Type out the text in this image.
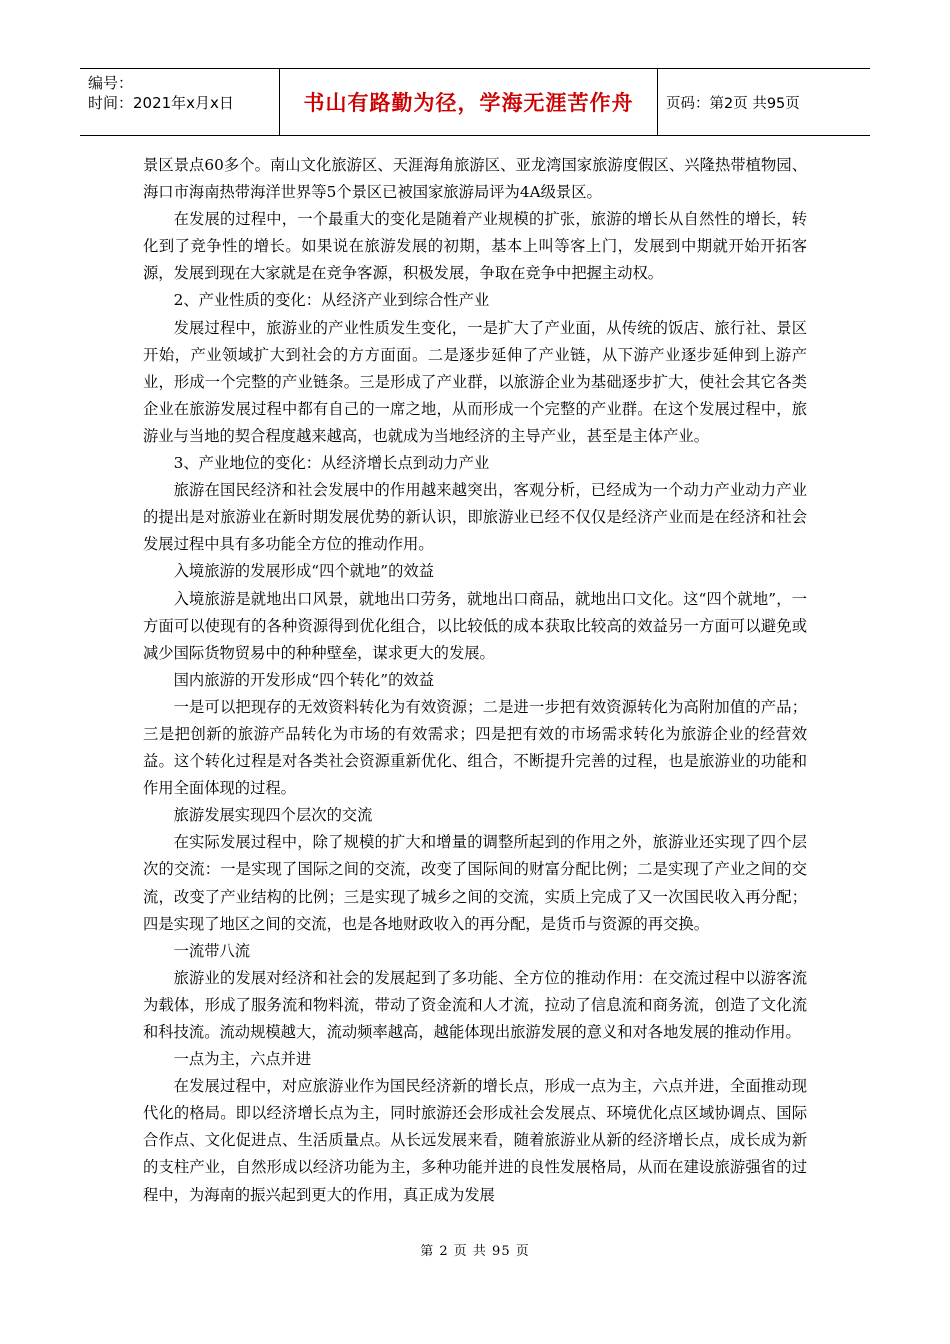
编号：
时间：2021年x月x日	书山有路勤为径，学海无涯苦作舟	页码：第2页 共95页

景区景点60多个。南山文化旅游区、天涯海角旅游区、亚龙湾国家旅游度假区、兴隆热带植物园、海口市海南热带海洋世界等5个景区已被国家旅游局评为4A级景区。

在发展的过程中，一个最重大的变化是随着产业规模的扩张，旅游的增长从自然性的增长，转化到了竞争性的增长。如果说在旅游发展的初期，基本上叫等客上门，发展到中期就开始开拓客源，发展到现在大家就是在竞争客源，积极发展，争取在竞争中把握主动权。

2、产业性质的变化：从经济产业到综合性产业

发展过程中，旅游业的产业性质发生变化，一是扩大了产业面，从传统的饭店、旅行社、景区开始，产业领域扩大到社会的方方面面。二是逐步延伸了产业链，从下游产业逐步延伸到上游产业，形成一个完整的产业链条。三是形成了产业群，以旅游企业为基础逐步扩大，使社会其它各类企业在旅游发展过程中都有自己的一席之地，从而形成一个完整的产业群。在这个发展过程中，旅游业与当地的契合程度越来越高，也就成为当地经济的主导产业，甚至是主体产业。

3、产业地位的变化：从经济增长点到动力产业

旅游在国民经济和社会发展中的作用越来越突出，客观分析，已经成为一个动力产业动力产业的提出是对旅游业在新时期发展优势的新认识，即旅游业已经不仅仅是经济产业而是在经济和社会发展过程中具有多功能全方位的推动作用。

入境旅游的发展形成“四个就地”的效益

入境旅游是就地出口风景，就地出口劳务，就地出口商品，就地出口文化。这“四个就地”，一方面可以使现有的各种资源得到优化组合，以比较低的成本获取比较高的效益另一方面可以避免或减少国际货物贸易中的种种壁垒，谋求更大的发展。

国内旅游的开发形成“四个转化”的效益

一是可以把现存的无效资料转化为有效资源；二是进一步把有效资源转化为高附加值的产品；三是把创新的旅游产品转化为市场的有效需求；四是把有效的市场需求转化为旅游企业的经营效益。这个转化过程是对各类社会资源重新优化、组合，不断提升完善的过程，也是旅游业的功能和作用全面体现的过程。

旅游发展实现四个层次的交流

在实际发展过程中，除了规模的扩大和增量的调整所起到的作用之外，旅游业还实现了四个层次的交流：一是实现了国际之间的交流，改变了国际间的财富分配比例；二是实现了产业之间的交流，改变了产业结构的比例；三是实现了城乡之间的交流，实质上完成了又一次国民收入再分配；四是实现了地区之间的交流，也是各地财政收入的再分配，是货币与资源的再交换。

一流带八流

旅游业的发展对经济和社会的发展起到了多功能、全方位的推动作用：在交流过程中以游客流为载体，形成了服务流和物料流，带动了资金流和人才流，拉动了信息流和商务流，创造了文化流和科技流。流动规模越大，流动频率越高，越能体现出旅游发展的意义和对各地发展的推动作用。

一点为主，六点并进

在发展过程中，对应旅游业作为国民经济新的增长点，形成一点为主，六点并进，全面推动现代化的格局。即以经济增长点为主，同时旅游还会形成社会发展点、环境优化点区域协调点、国际合作点、文化促进点、生活质量点。从长远发展来看，随着旅游业从新的经济增长点，成长成为新的支柱产业，自然形成以经济功能为主，多种功能并进的良性发展格局，从而在建设旅游强省的过程中，为海南的振兴起到更大的作用，真正成为发展

第 2 页 共 95 页
